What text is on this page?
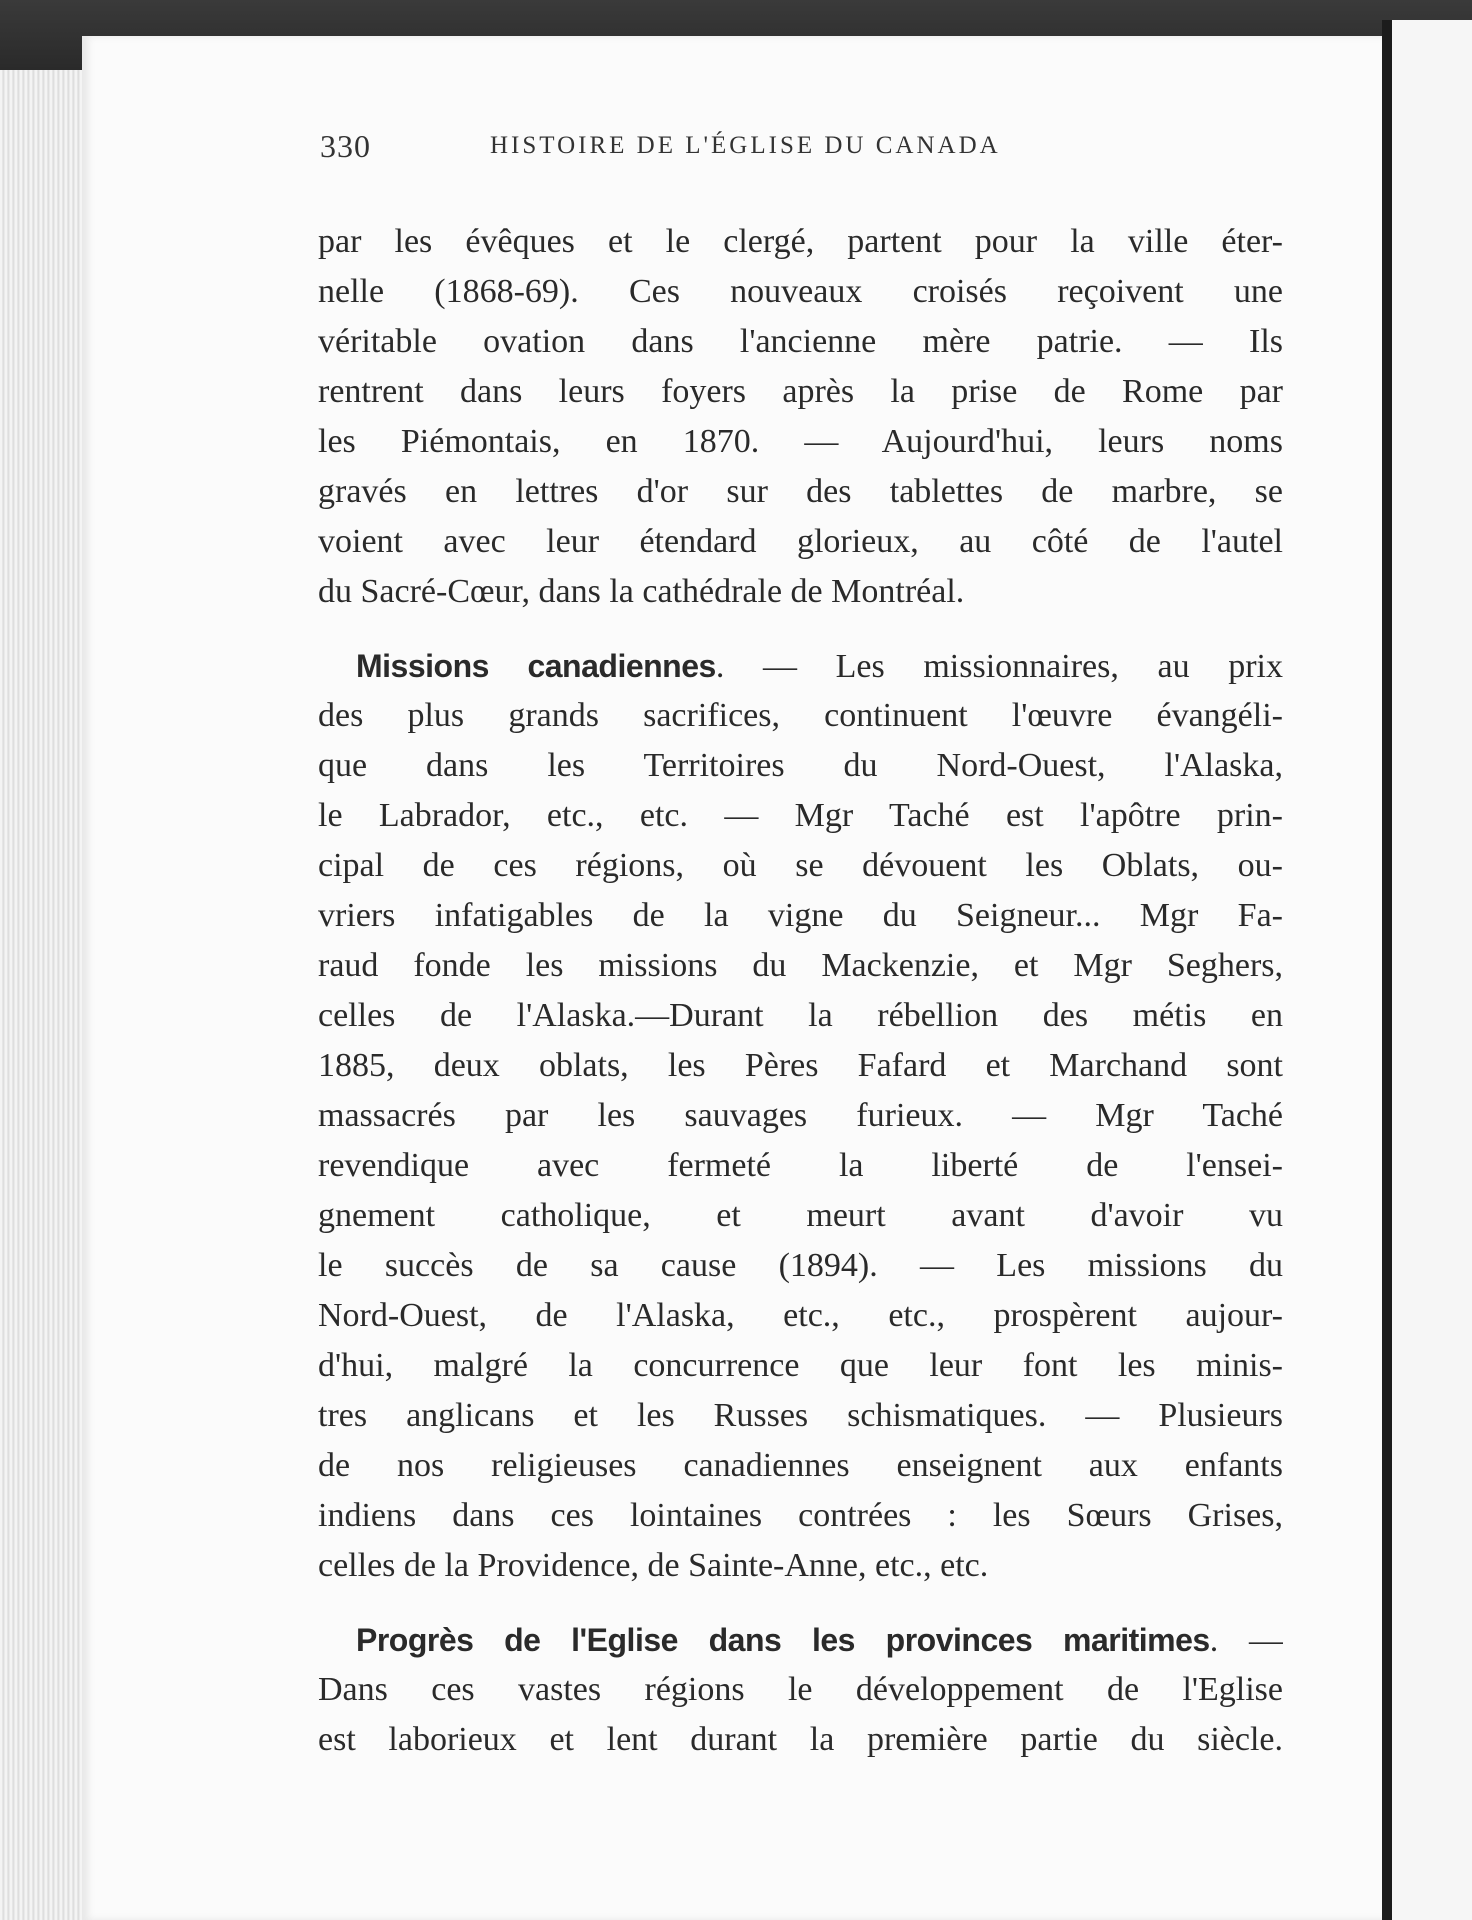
330	HISTOIRE DE L'ÉGLISE DU CANADA
par les évêques et le clergé, partent pour la ville éter-
nelle (1868-69). Ces nouveaux croisés reçoivent une
véritable ovation dans l'ancienne mère patrie. — Ils
rentrent dans leurs foyers après la prise de Rome par
les Piémontais, en 1870. — Aujourd'hui, leurs noms
gravés en lettres d'or sur des tablettes de marbre, se
voient avec leur étendard glorieux, au côté de l'autel
du Sacré-Cœur, dans la cathédrale de Montréal.
Missions canadiennes. — Les missionnaires, au prix
des plus grands sacrifices, continuent l'œuvre évangéli-
que dans les Territoires du Nord-Ouest, l'Alaska,
le Labrador, etc., etc. — Mgr Taché est l'apôtre prin-
cipal de ces régions, où se dévouent les Oblats, ou-
vriers infatigables de la vigne du Seigneur... Mgr Fa-
raud fonde les missions du Mackenzie, et Mgr Seghers,
celles de l'Alaska.—Durant la rébellion des métis en
1885, deux oblats, les Pères Fafard et Marchand sont
massacrés par les sauvages furieux. — Mgr Taché
revendique avec fermeté la liberté de l'ensei-
gnement catholique, et meurt avant d'avoir vu
le succès de sa cause (1894). — Les missions du
Nord-Ouest, de l'Alaska, etc., etc., prospèrent aujour-
d'hui, malgré la concurrence que leur font les minis-
tres anglicans et les Russes schismatiques. — Plusieurs
de nos religieuses canadiennes enseignent aux enfants
indiens dans ces lointaines contrées : les Sœurs Grises,
celles de la Providence, de Sainte-Anne, etc., etc.
Progrès de l'Eglise dans les provinces maritimes. —
Dans ces vastes régions le développement de l'Eglise
est laborieux et lent durant la première partie du siècle.
